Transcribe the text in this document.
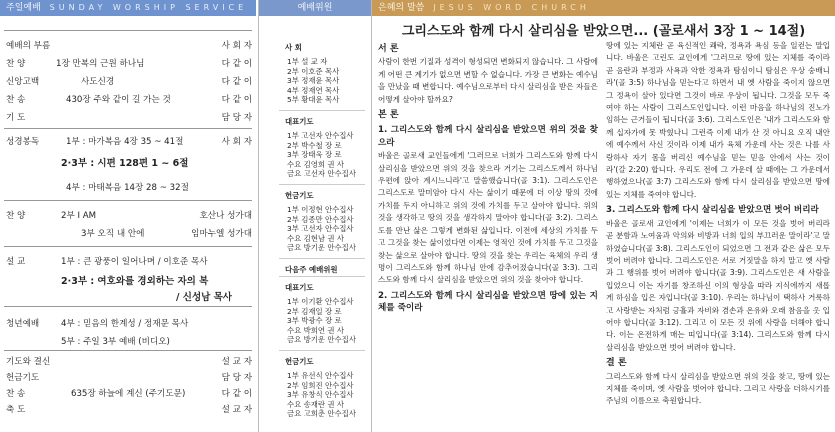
주일예배 SUNDAY WORSHIP SERVICE
예배의 부름	사 회 자
찬 양	1장 만복의 근원 하나님	다 같 이
신앙고백	사도신경	다 같 이
찬 송	430장 주와 같이 길 가는 것	다 같 이
기 도	담 당 자
성경봉독	1부 : 마가복음 4장 35 ~ 41절	사 회 자
2·3부 : 시편 128편 1 ~ 6절
4부 : 마태복음 14장 28 ~ 32절
찬 양	2부 I AM	호산나 성가대
3부 오직 내 안에	임마누엘 성가대
설 교	1부 : 큰 광풍이 일어나며 / 이호준 목사
2·3부 : 여호와를 경외하는 자의 복
/ 신성남 목사
청년예배	4부 : 믿음의 한계성 / 정재문 목사
5부 : 주일 3부 예배 (비디오)
기도와 결신	설 교 자
헌금기도	담 당 자
찬 송	635장 하늘에 계신 (주기도문)	다 같 이
축 도	설 교 자
예배위원
사 회
1부 설 교 자
2부 이호준 목사
3부 정재윤 목사
4부 정재연 목사
5부 황대윤 목사
대표기도
1부 고선자 안수집사
2부 박수철 장 로
3부 장태욱 장 로
수요 김영희 권 사
금요 고선자 안수집사
헌금기도
1부 이정현 안수집사
2부 김종만 안수집사
3부 고선자 안수집사
수요 김현남 권 사
금요 방기운 안수집사
다음주 예배위원
대표기도
1부 이기환 안수집사
2부 김재일 장 로
3부 박광수 장 로
수요 박희연 권 사
금요 방기운 안수집사
헌금기도
1부 유선식 안수집사
2부 임희진 안수집사
3부 유창식 안수집사
수요 송재란 권 사
금요 고희춘 안수집사
은혜의 말씀 JESUS WORD CHURCH
그리스도와 함께 다시 살리심을 받았으면... (골로새서 3장 1 ~ 14절)
서 론
사람이 한번 기질과 성격이 형성되면 변화되지 않습니다. 그 사람에게 어떤 큰 계기가 없으면 변할 수 없습니다. 가장 큰 변화는 예수님을 만났을 때 변합니다. 예수님으로부터 다시 살리심을 받은 자들은 어떻게 살아야 할까요?
본 론
1. 그리스도와 함께 다시 살리심을 받았으면 위의 것을 찾으라
바울은 골로새 교인들에게 '그러므로 너희가 그리스도와 함께 다시 살리심을 받았으면 위의 것을 찾으라 거기는 그리스도께서 하나님 우편에 앉아 계시느니라'고 말씀했습니다(골 3:1). 그리스도인은 그리스도로 말미암아 다시 사는 삶이기 때문에 더 이상 땅의 것에 가치를 두지 아니하고 위의 것에 가치를 두고 살아야 합니다. 위의 것을 생각하고 땅의 것을 생각하지 말아야 합니다(골 3:2). 그리스도를 만난 삶은 그렇게 변화된 삶입니다. 이전에 세상의 가치를 두고 그것을 찾는 삶이었다면 이제는 영적인 것에 가치를 두고 그것을 찾는 삶으로 살아야 합니다. 땅의 것을 찾는 우리는 육체의 우리 생명이 그리스도와 함께 하나님 안에 감추어졌습니다(골 3:3). 그리스도와 함께 다시 살리심을 받았으면 위의 것을 찾아야 합니다.
2. 그리스도와 함께 다시 살리심을 받았으면 땅에 있는 지체를 죽이라
땅에 있는 지체란 곧 육신적인 쾌락, 정욕과 욕심 등을 일컫는 말입니다. 바울은 고린도 교인에게 '그러므로 땅에 있는 지체를 죽이라 곧 음란과 부정과 사욕과 악한 정욕과 탐심이니 탐심은 우상 숭배니라'(골 3:5) 하나님을 믿는다고 하면서 내 옛 사람을 죽이지 않으면 그 정욕이 살아 있다면 그것이 바로 우상이 됩니다. 그것을 모두 죽여야 하는 사람이 그리스도인입니다. 이런 마음을 하나님의 진노가 임하는 근거들이 됩니다(골 3:6). 그리스도인은 '내가 그리스도와 함께 십자가에 못 박혔나니 그런즉 이제 내가 산 것 아니요 오직 내안에 예수께서 사신 것이라 이제 내가 육체 가운데 사는 것은 나를 사랑하사 자기 몸을 버리신 예수님을 믿는 믿음 안에서 사는 것이라'(갈 2:20) 합니다. 우리도 전에 그 가운데 살 때에는 그 가운데서 행하였으나(골 3:7) 그리스도와 함께 다시 살리심을 받았으면 땅에 있는 지체를 죽여야 합니다.
3. 그리스도와 함께 다시 살리심을 받았으면 벗어 버리라
바울은 골로새 교인에게 '이제는 너희가 이 모든 것을 벗어 버리라 곧 분함과 노여움과 악의와 비방과 너희 입의 부끄러운 말이라'고 말하였습니다(골 3:8). 그리스도인이 되었으면 그 전과 같은 삶은 모두 벗어 버려야 합니다. 그리스도인은 서로 거짓말을 하지 말고 옛 사람과 그 행위를 벗어 버려야 합니다(골 3:9). 그리스도인은 새 사람을 입었으니 이는 자기를 창조하신 이의 형상을 따라 지식에까지 새롭게 하심을 입은 자입니다(골 3:10). 우리는 하나님이 택하사 거룩하고 사랑받는 자처럼 긍휼과 자비와 겸손과 온유와 오래 참음을 옷 입어야 합니다(골 3:12). 그리고 이 모든 것 위에 사랑을 더해야 합니다. 이는 온전하게 매는 띠입니다(골 3:14). 그리스도와 함께 다시 살리심을 받았으면 벗어 버려야 합니다.
결 론
그리스도와 함께 다시 살리심을 받았으면 위의 것을 찾고, 땅에 있는 지체를 죽이며, 옛 사람을 벗어야 합니다. 그리고 사랑을 더하시기를 주님의 이름으로 축원합니다.
